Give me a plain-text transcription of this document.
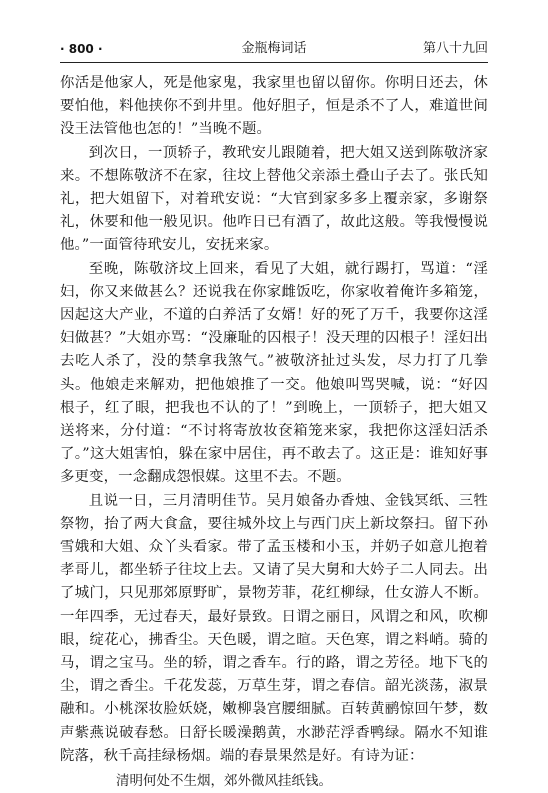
· 800 ·	金瓶梅词话	第八十九回

你活是他家人，死是他家鬼，我家里也留以留你。你明日还去，休要怕他，料他挟你不到井里。他好胆子，恒是杀不了人，难道世间没王法管他也怎的！”当晚不题。

到次日，一顶轿子，教玳安儿跟随着，把大姐又送到陈敬济家来。不想陈敬济不在家，往坟上替他父亲添土叠山子去了。张氏知礼，把大姐留下，对着玳安说：“大官到家多多上覆亲家，多谢祭礼，休要和他一般见识。他咋日已有酒了，故此这般。等我慢慢说他。”一面管待玳安儿，安抚来家。

至晚，陈敬济坟上回来，看见了大姐，就行踢打，骂道：“淫妇，你又来做甚么？还说我在你家雌饭吃，你家收着俺许多箱笼，因起这大产业，不道的白养活了女婿！好的死了万千，我要你这淫妇做甚？”大姐亦骂：“没廉耻的囚根子！没天理的囚根子！淫妇出去吃人杀了，没的禁拿我煞气。”被敬济扯过头发，尽力打了几拳头。他娘走来解劝，把他娘推了一交。他娘叫骂哭喊，说：“好囚根子，红了眼，把我也不认的了！”到晚上，一顶轿子，把大姐又送将来，分付道：“不讨将寄放妆奁箱笼来家，我把你这淫妇活杀了。”这大姐害怕，躲在家中居住，再不敢去了。这正是：谁知好事多更变，一念翻成怨恨媒。这里不去。不题。

且说一日，三月清明佳节。吴月娘备办香烛、金钱冥纸、三牲祭物，抬了两大食盒，要往城外坟上与西门庆上新坟祭扫。留下孙雪娥和大姐、众丫头看家。带了孟玉楼和小玉，并奶子如意儿抱着孝哥儿，都坐轿子往坟上去。又请了吴大舅和大妗子二人同去。出了城门，只见那郊原野旷，景物芳菲，花红柳绿，仕女游人不断。一年四季，无过春天，最好景致。日谓之丽日，风谓之和风，吹柳眼，绽花心，拂香尘。天色暖，谓之暄。天色寒，谓之料峭。骑的马，谓之宝马。坐的轿，谓之香车。行的路，谓之芳径。地下飞的尘，谓之香尘。千花发蕊，万草生芽，谓之春信。韶光淡荡，淑景融和。小桃深妆脸妖娆，嫩柳袅宫腰细腻。百转黄鹂惊回午梦，数声紫燕说破春愁。日舒长暖澡鹅黄，水渺茫浮香鸭绿。隔水不知谁院落，秋千高挂绿杨烟。端的春景果然是好。有诗为证：

清明何处不生烟，郊外微风挂纸钱。
